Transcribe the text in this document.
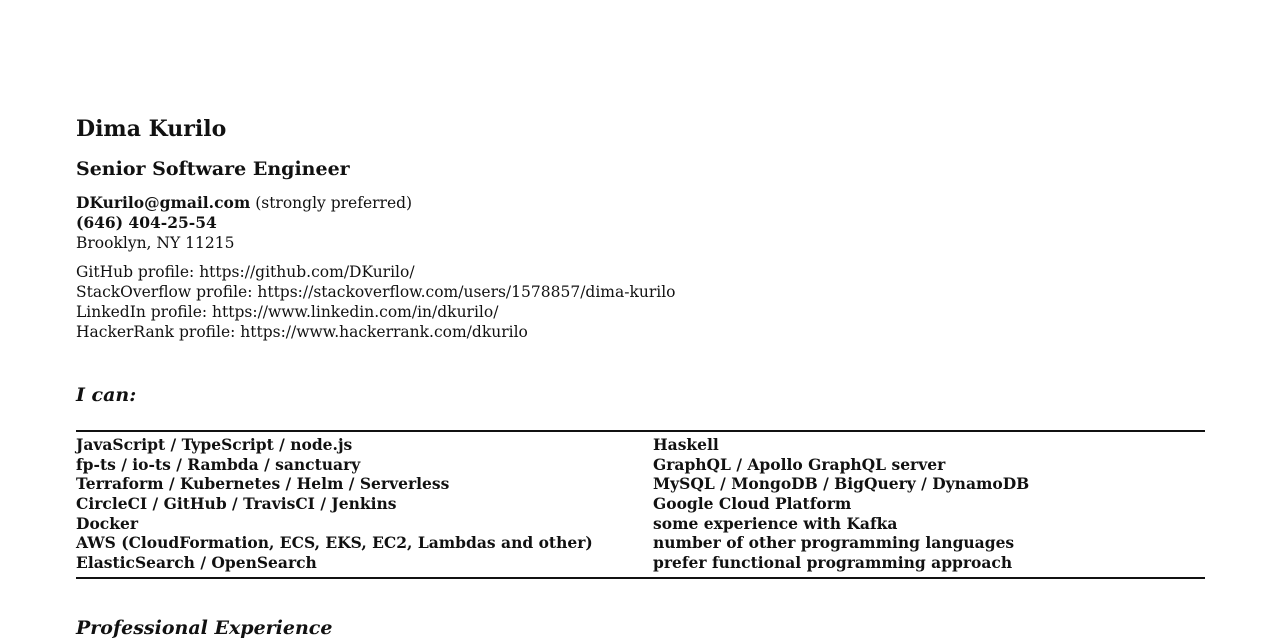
Dima Kurilo
Senior Software Engineer
DKurilo@gmail.com (strongly preferred)
(646) 404-25-54
Brooklyn, NY 11215
GitHub profile: https://github.com/DKurilo/
StackOverflow profile: https://stackoverflow.com/users/1578857/dima-kurilo
LinkedIn profile: https://www.linkedin.com/in/dkurilo/
HackerRank profile: https://www.hackerrank.com/dkurilo
I can:
JavaScript / TypeScript / node.js
fp-ts / io-ts / Rambda / sanctuary
Terraform / Kubernetes / Helm / Serverless
CircleCI / GitHub / TravisCI / Jenkins
Docker
AWS (CloudFormation, ECS, EKS, EC2, Lambdas and other)
ElasticSearch / OpenSearch
Haskell
GraphQL / Apollo GraphQL server
MySQL / MongoDB / BigQuery / DynamoDB
Google Cloud Platform
some experience with Kafka
number of other programming languages
prefer functional programming approach
Professional Experience
